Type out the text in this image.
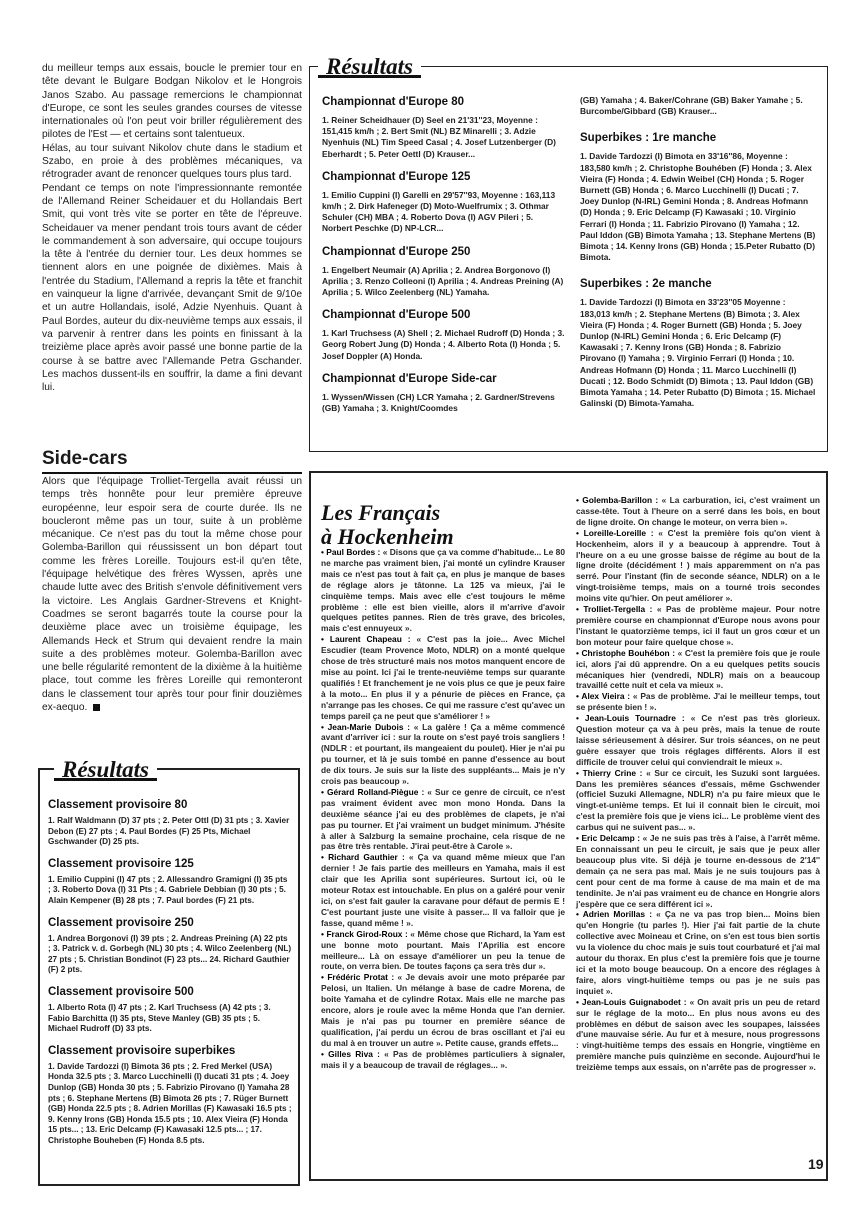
du meilleur temps aux essais, boucle le premier tour en tête devant le Bulgare Bodgan Nikolov et le Hongrois Janos Szabo. Au passage remercions le championnat d'Europe, ce sont les seules grandes courses de vitesse internationales où l'on peut voir briller régulièrement des pilotes de l'Est — et certains sont talentueux.

Hélas, au tour suivant Nikolov chute dans le stadium et Szabo, en proie à des problèmes mécaniques, va rétrograder avant de renoncer quelques tours plus tard.

Pendant ce temps on note l'impressionnante remontée de l'Allemand Reiner Scheidauer et du Hollandais Bert Smit, qui vont très vite se porter en tête de l'épreuve. Scheidauer va mener pendant trois tours avant de céder le commandement à son adversaire, qui occupe toujours la tête à l'entrée du dernier tour. Les deux hommes se tiennent alors en une poignée de dixièmes. Mais à l'entrée du Stadium, l'Allemand a repris la tête et franchit en vainqueur la ligne d'arrivée, devançant Smit de 9/10e et un autre Hollandais, isolé, Adzie Nyenhuis. Quant à Paul Bordes, auteur du dix-neuvième temps aux essais, il va parvenir à rentrer dans les points en finissant à la treizième place après avoir passé une bonne partie de la course à se battre avec l'Allemande Petra Gschander. Les machos dussent-ils en souffrir, la dame a fini devant lui.

Résultats
Championnat d'Europe 80

1. Reiner Scheidhauer (D) Seel en 21'31''23, Moyenne : 151,415 km/h ; 2. Bert Smit (NL) BZ Minarelli ; 3. Adzie Nyenhuis (NL) Tim Speed Casal ; 4. Josef Lutzenberger (D) Eberhardt ; 5. Peter Oettl (D) Krauser...

Championnat d'Europe 125

1. Emilio Cuppini (I) Garelli en 29'57''93, Moyenne : 163,113 km/h ; 2. Dirk Hafeneger (D) Moto-Wuelfrumix ; 3. Othmar Schuler (CH) MBA ; 4. Roberto Dova (I) AGV Pileri ; 5. Norbert Peschke (D) NP-LCR...

Championnat d'Europe 250

1. Engelbert Neumair (A) Aprilia ; 2. Andrea Borgonovo (I) Aprilia ; 3. Renzo Colleoni (I) Aprilia ; 4. Andreas Preining (A) Aprilia ; 5. Wilco Zeelenberg (NL) Yamaha.

Championnat d'Europe 500

1. Karl Truchsess (A) Shell ; 2. Michael Rudroff (D) Honda ; 3. Georg Robert Jung (D) Honda ; 4. Alberto Rota (I) Honda ; 5. Josef Doppler (A) Honda.

Championnat d'Europe Side-car

1. Wyssen/Wissen (CH) LCR Yamaha ; 2. Gardner/Strevens (GB) Yamaha ; 3. Knight/Coomdes

(GB) Yamaha ; 4. Baker/Cohrane (GB) Baker Yamahe ; 5. Burcombe/Gibbard (GB) Krauser...

Superbikes : 1re manche

1. Davide Tardozzi (I) Bimota en 33'16''86, Moyenne : 183,580 km/h ; 2. Christophe Bouhében (F) Honda ; 3. Alex Vieira (F) Honda ; 4. Edwin Weibel (CH) Honda ; 5. Roger Burnett (GB) Honda ; 6. Marco Lucchinelli (I) Ducati ; 7. Joey Dunlop (N-IRL) Gemini Honda ; 8. Andreas Hofmann (D) Honda ; 9. Eric Delcamp (F) Kawasaki ; 10. Virginio Ferrari (I) Honda ; 11. Fabrizio Pirovano (I) Yamaha ; 12. Paul Iddon (GB) Bimota Yamaha ; 13. Stephane Mertens (B) Bimota ; 14. Kenny Irons (GB) Honda ; 15.Peter Rubatto (D) Bimota.

Superbikes : 2e manche

1. Davide Tardozzi (I) Bimota en 33'23''05 Moyenne : 183,013 km/h ; 2. Stephane Mertens (B) Bimota ; 3. Alex Vieira (F) Honda ; 4. Roger Burnett (GB) Honda ; 5. Joey Dunlop (N-IRL) Gemini Honda ; 6. Eric Delcamp (F) Kawasaki ; 7. Kenny Irons (GB) Honda ; 8. Fabrizio Pirovano (I) Yamaha ; 9. Virginio Ferrari (I) Honda ; 10. Andreas Hofmann (D) Honda ; 11. Marco Lucchinelli (I) Ducati ; 12. Bodo Schmidt (D) Bimota ; 13. Paul Iddon (GB) Bimota Yamaha ; 14. Peter Rubatto (D) Bimota ; 15. Michael Galinski (D) Bimota-Yamaha.

Side-cars

Alors que l'équipage Trolliet-Tergella avait réussi un temps très honnête pour leur première épreuve européenne, leur espoir sera de courte durée. Ils ne boucleront même pas un tour, suite à un problème mécanique. Ce n'est pas du tout la même chose pour Golemba-Barillon qui réussissent un bon départ tout comme les frères Loreille. Toujours est-il qu'en tête, l'équipage helvétique des frères Wyssen, après une chaude lutte avec des British s'envole définitivement vers la victoire. Les Anglais Gardner-Strevens et Knight-Coadmes se seront bagarrés toute la course pour la deuxième place avec un troisième équipage, les Allemands Heck et Strum qui devaient rendre la main suite a des problèmes moteur. Golemba-Barillon avec une belle régularité remontent de la dixième à la huitième place, tout comme les frères Loreille qui remonteront dans le classement tour après tour pour finir douzièmes ex-aequo.

Résultats
Classement provisoire 80

1. Ralf Waldmann (D) 37 pts ; 2. Peter Ottl (D) 31 pts ; 3. Xavier Debon (E) 27 pts ; 4. Paul Bordes (F) 25 Pts, Michael Gschwander (D) 25 pts.

Classement provisoire 125

1. Emilio Cuppini (I) 47 pts ; 2. Allessandro Gramigni (I) 35 pts ; 3. Roberto Dova (I) 31 Pts ; 4. Gabriele Debbian (I) 30 pts ; 5. Alain Kempener (B) 28 pts ; 7. Paul bordes (F) 21 pts.

Classement provisoire 250

1. Andrea Borgonovi (I) 39 pts ; 2. Andreas Preining (A) 22 pts ; 3. Patrick v. d. Gorbegh (NL) 30 pts ; 4. Wilco Zeelenberg (NL) 27 pts ; 5. Christian Bondinot (F) 23 pts... 24. Richard Gauthier (F) 2 pts.

Classement provisoire 500

1. Alberto Rota (I) 47 pts ; 2. Karl Truchsess (A) 42 pts ; 3. Fabio Barchitta (I) 35 pts, Steve Manley (GB) 35 pts ; 5. Michael Rudroff (D) 33 pts.

Classement provisoire superbikes

1. Davide Tardozzi (I) Bimota 36 pts ; 2. Fred Merkel (USA) Honda 32.5 pts ; 3. Marco Lucchinelli (I) ducati 31 pts ; 4. Joey Dunlop (GB) Honda 30 pts ; 5. Fabrizio Pirovano (I) Yamaha 28 pts ; 6. Stephane Mertens (B) Bimota 26 pts ; 7. Rüger Burnett (GB) Honda 22.5 pts ; 8. Adrien Morillas (F) Kawasaki 16.5 pts ; 9. Kenny Irons (GB) Honda 15.5 pts ; 10. Alex Vieira (F) Honda 15 pts... ; 13. Eric Delcamp (F) Kawasaki 12.5 pts... ; 17. Christophe Bouheben (F) Honda 8.5 pts.

Les Français
à Hockenheim

• Paul Bordes : « Disons que ça va comme d'habitude... Le 80 ne marche pas vraiment bien, j'ai monté un cylindre Krauser mais ce n'est pas tout à fait ça, en plus je manque de bases de réglage alors je tâtonne. La 125 va mieux, j'ai le cinquième temps. Mais avec elle c'est toujours le même problème : elle est bien vieille, alors il m'arrive d'avoir quelques petites pannes. Rien de très grave, des bricoles, mais c'est ennuyeux ».

• Laurent Chapeau : « C'est pas la joie... Avec Michel Escudier (team Provence Moto, NDLR) on a monté quelque chose de très structuré mais nos motos manquent encore de mise au point. Ici j'ai le trente-neuvième temps sur quarante qualifiés ! Et franchement je ne vois plus ce que je peux faire à la moto... En plus il y a pénurie de pièces en France, ça n'arrange pas les choses. Ce qui me rassure c'est qu'avec un temps pareil ça ne peut que s'améliorer ! »

• Jean-Marie Dubois : « La galère ! Ça a même commencé avant d'arriver ici : sur la route on s'est payé trois sangliers ! (NDLR : et pourtant, ils mangeaient du poulet). Hier je n'ai pu pu tourner, et là je suis tombé en panne d'essence au bout de dix tours. Je suis sur la liste des suppléants... Mais je n'y crois pas beaucoup ».

• Gérard Rolland-Piègue : « Sur ce genre de circuit, ce n'est pas vraiment évident avec mon mono Honda. Dans la deuxième séance j'ai eu des problèmes de clapets, je n'ai pas pu tourner. Et j'ai vraiment un budget minimum. J'hésite à aller à Salzburg la semaine prochaine, cela risque de ne pas être très rentable. J'irai peut-être à Carole ».

• Richard Gauthier : « Ça va quand même mieux que l'an dernier ! Je fais partie des meilleurs en Yamaha, mais il est clair que les Aprilia sont supérieures. Surtout ici, où le moteur Rotax est intouchable. En plus on a galéré pour venir ici, on s'est fait gauler la caravane pour défaut de permis E ! C'est pourtant juste une visite à passer... Il va falloir que je fasse, quand même ! ».

• Franck Girod-Roux : « Même chose que Richard, la Yam est une bonne moto pourtant. Mais l'Aprilia est encore meilleure... Là on essaye d'améliorer un peu la tenue de route, on verra bien. De toutes façons ça sera très dur ».

• Frédéric Protat : « Je devais avoir une moto préparée par Pelosi, un Italien. Un mélange à base de cadre Morena, de boite Yamaha et de cylindre Rotax. Mais elle ne marche pas encore, alors je roule avec la même Honda que l'an dernier. Mais je n'ai pas pu tourner en première séance de qualification, j'ai perdu un écrou de bras oscillant et j'ai eu du mal à en trouver un autre ». Petite cause, grands effets...

• Gilles Riva : « Pas de problèmes particuliers à signaler, mais il y a beaucoup de travail de réglages... ».

• Golemba-Barillon : « La carburation, ici, c'est vraiment un casse-tête. Tout à l'heure on a serré dans les bois, en bout de ligne droite. On change le moteur, on verra bien ».

• Loreille-Loreille : « C'est la première fois qu'on vient à Hockenheim, alors il y a beaucoup à apprendre. Tout à l'heure on a eu une grosse baisse de régime au bout de la ligne droite (décidément ! ) mais apparemment on n'a pas serré. Pour l'instant (fin de seconde séance, NDLR) on a le vingt-troisième temps, mais on a tourné trois secondes moins vite qu'hier. On peut améliorer ».

• Trolliet-Tergella : « Pas de problème majeur. Pour notre première course en championnat d'Europe nous avons pour l'instant le quatorzième temps, ici il faut un gros cœur et un bon moteur pour faire quelque chose ».

• Christophe Bouhébon : « C'est la première fois que je roule ici, alors j'ai dû apprendre. On a eu quelques petits soucis mécaniques hier (vendredi, NDLR) mais on a beaucoup travaillé cette nuit et cela va mieux ».

• Alex Vieira : « Pas de problème. J'ai le meilleur temps, tout se présente bien ! ».

• Jean-Louis Tournadre : « Ce n'est pas très glorieux. Question moteur ça va à peu près, mais la tenue de route laisse sérieusement à désirer. Sur trois séances, on ne peut guère essayer que trois réglages différents. Alors il est difficile de trouver celui qui conviendrait le mieux ».

• Thierry Crine : « Sur ce circuit, les Suzuki sont larguées. Dans les premières séances d'essais, même Gschwender (officiel Suzuki Allemagne, NDLR) n'a pu faire mieux que le vingt-et-unième temps. Et lui il connait bien le circuit, moi c'est la première fois que je viens ici... Le problème vient des carbus qui ne suivent pas... ».

• Eric Delcamp : « Je ne suis pas très à l'aise, à l'arrêt même. En connaissant un peu le circuit, je sais que je peux aller beaucoup plus vite. Si déjà je tourne en-dessous de 2'14'' demain ça ne sera pas mal. Mais je ne suis toujours pas à cent pour cent de ma forme à cause de ma main et de ma tendinite. Je n'ai pas vraiment eu de chance en Hongrie alors j'espère que ce sera différent ici ».

• Adrien Morillas : « Ça ne va pas trop bien... Moins bien qu'en Hongrie (tu parles !). Hier j'ai fait partie de la chute collective avec Moineau et Crine, on s'en est tous bien sortis vu la violence du choc mais je suis tout courbaturé et j'ai mal autour du thorax. En plus c'est la première fois que je tourne ici et la moto bouge beaucoup. On a encore des réglages à faire, alors vingt-huitième temps ou pas je ne suis pas inquiet ».

• Jean-Louis Guignabodet : « On avait pris un peu de retard sur le réglage de la moto... En plus nous avons eu des problèmes en début de saison avec les soupapes, laissées d'une mauvaise série. Au fur et à mesure, nous progressons : vingt-huitième temps des essais en Hongrie, vingtième en première manche puis quinzième en seconde. Aujourd'hui le treizième temps aux essais, on n'arrête pas de progresser ».

19
